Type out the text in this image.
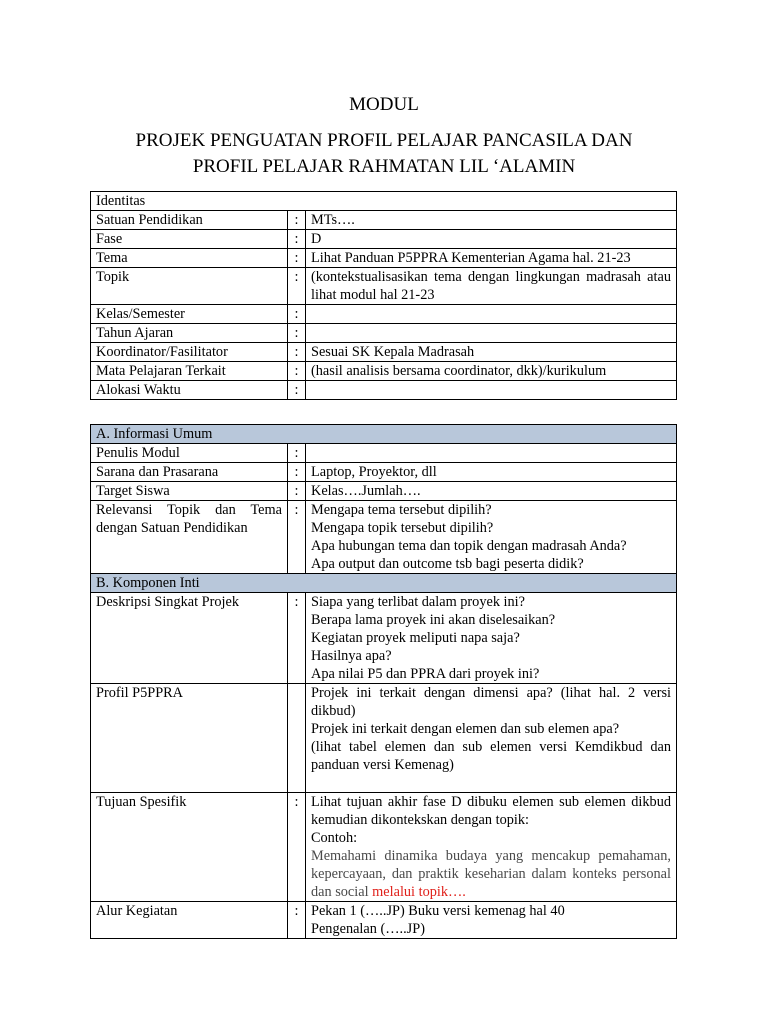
MODUL
PROJEK PENGUATAN PROFIL PELAJAR PANCASILA DAN
PROFIL PELAJAR RAHMATAN LIL ‘ALAMIN
Identitas		
Satuan Pendidikan	:	MTs….
Fase	:	D
Tema	:	Lihat Panduan P5PPRA Kementerian Agama hal. 21-23
Topik	:	(kontekstualisasikan tema dengan lingkungan madrasah atau lihat modul hal 21-23
Kelas/Semester	:	
Tahun Ajaran	:	
Koordinator/Fasilitator	:	Sesuai SK Kepala Madrasah
Mata Pelajaran Terkait	:	(hasil analisis bersama coordinator, dkk)/kurikulum
Alokasi Waktu	:	
A. Informasi Umum		
Penulis Modul	:	
Sarana dan Prasarana	:	Laptop, Proyektor, dll
Target Siswa	:	Kelas….Jumlah….
Relevansi Topik dan Tema dengan Satuan Pendidikan	:	Mengapa tema tersebut dipilih?
Mengapa topik tersebut dipilih?
Apa hubungan tema dan topik dengan madrasah Anda?
Apa output dan outcome tsb bagi peserta didik?

B. Komponen Inti		
Deskripsi Singkat Projek	:	Siapa yang terlibat dalam proyek ini?
Berapa lama proyek ini akan diselesaikan?
Kegiatan proyek meliputi napa saja?
Hasilnya apa?
Apa nilai P5 dan PPRA dari proyek ini?

Profil P5PPRA		Projek ini terkait dengan dimensi apa? (lihat hal. 2 versi dikbud)
Projek ini terkait dengan elemen dan sub elemen apa?
(lihat tabel elemen dan sub elemen versi Kemdikbud dan panduan versi Kemenag)

Tujuan Spesifik	:	Lihat tujuan akhir fase D dibuku elemen sub elemen dikbud kemudian dikontekskan dengan topik:
Contoh:
Memahami dinamika budaya yang mencakup pemahaman, kepercayaan, dan praktik keseharian dalam konteks personal dan social melalui topik….

Alur Kegiatan	:	Pekan 1 (…..JP) Buku versi kemenag hal 40
Pengenalan (…..JP)
